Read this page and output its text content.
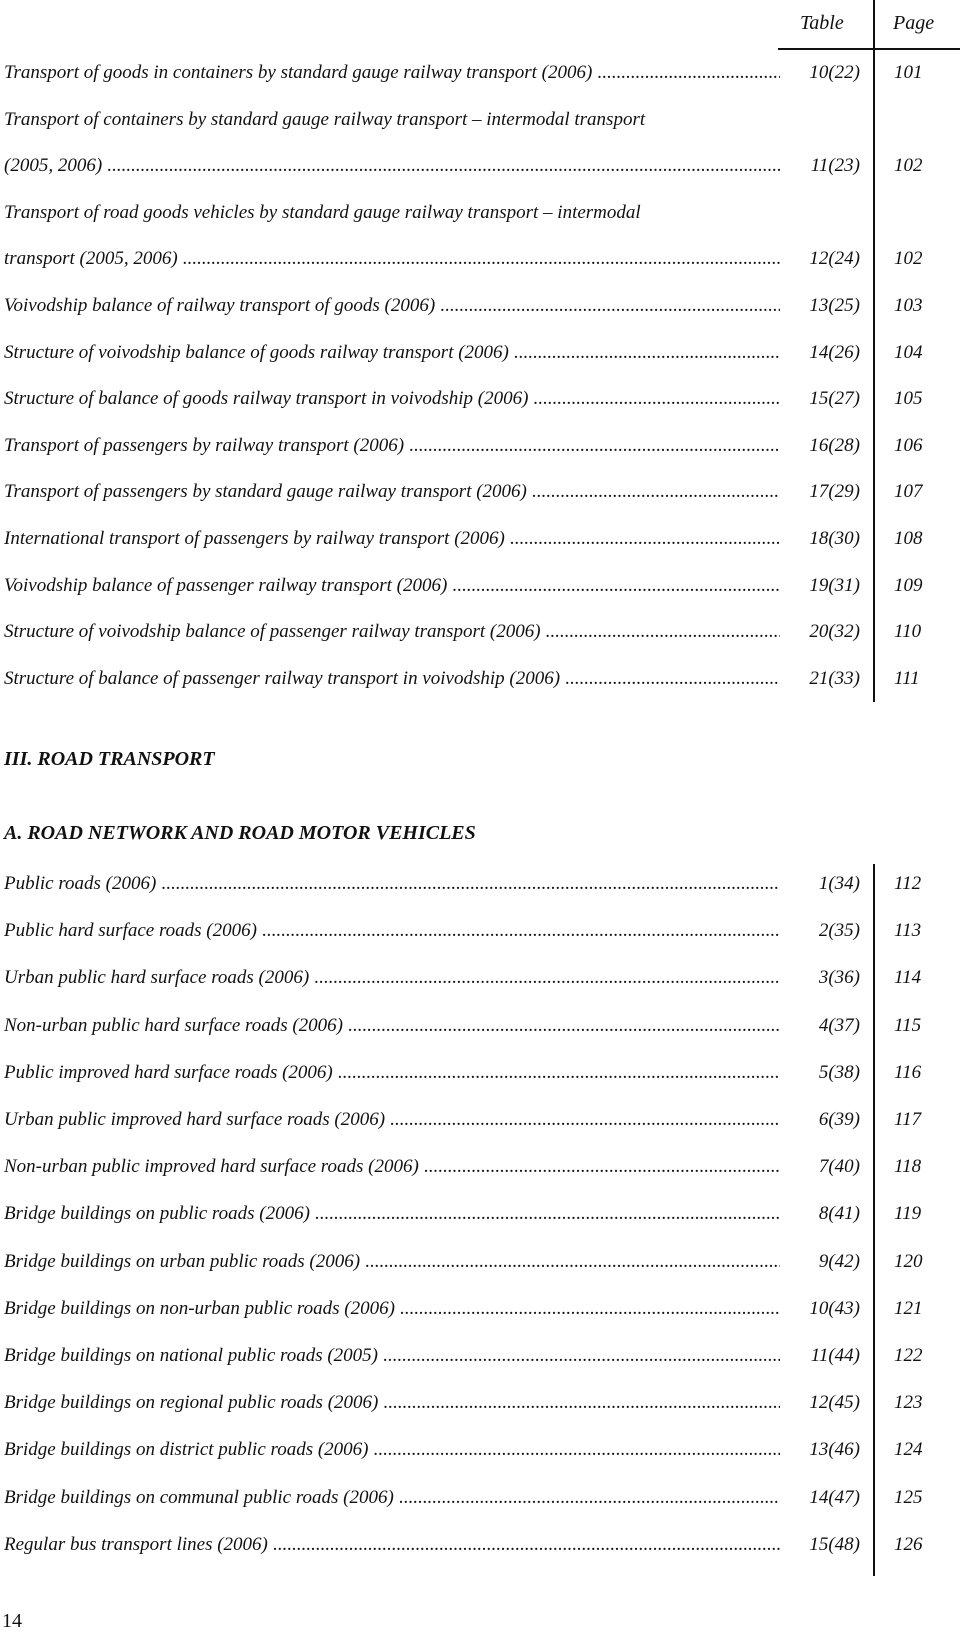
Table Page
Transport of goods in containers by standard gauge railway transport (2006) .....	10(22) 101
Transport of containers by standard gauge railway transport – intermodal transport
(2005, 2006) .....	11(23) 102
Transport of road goods vehicles by standard gauge railway transport – intermodal
transport (2005, 2006) .....	12(24) 102
Voivodship balance of railway transport of goods (2006) .....	13(25) 103
Structure of voivodship balance of goods railway transport (2006) .....	14(26) 104
Structure of balance of goods railway transport in voivodship (2006) .....	15(27) 105
Transport of passengers by railway transport (2006) .....	16(28) 106
Transport of passengers by standard gauge railway transport (2006) .....	17(29) 107
International transport of passengers by railway transport (2006) .....	18(30) 108
Voivodship balance of passenger railway transport (2006) .....	19(31) 109
Structure of voivodship balance of passenger railway transport (2006) .....	20(32) 110
Structure of balance of passenger railway transport in voivodship (2006) .....	21(33) 111
III. ROAD TRANSPORT
A. ROAD NETWORK AND ROAD MOTOR VEHICLES
Public roads (2006) .....	1(34) 112
Public hard surface roads (2006) .....	2(35) 113
Urban public hard surface roads (2006) .....	3(36) 114
Non-urban public hard surface roads (2006) .....	4(37) 115
Public improved hard surface roads (2006) .....	5(38) 116
Urban public improved hard surface roads (2006) .....	6(39) 117
Non-urban public improved hard surface roads (2006) .....	7(40) 118
Bridge buildings on public roads (2006) .....	8(41) 119
Bridge buildings on urban public roads (2006) .....	9(42) 120
Bridge buildings on non-urban public roads (2006) .....	10(43) 121
Bridge buildings on national public roads (2005) .....	11(44) 122
Bridge buildings on regional public roads (2006) .....	12(45) 123
Bridge buildings on district public roads (2006) .....	13(46) 124
Bridge buildings on communal public roads (2006) .....	14(47) 125
Regular bus transport lines (2006) .....	15(48) 126
14
